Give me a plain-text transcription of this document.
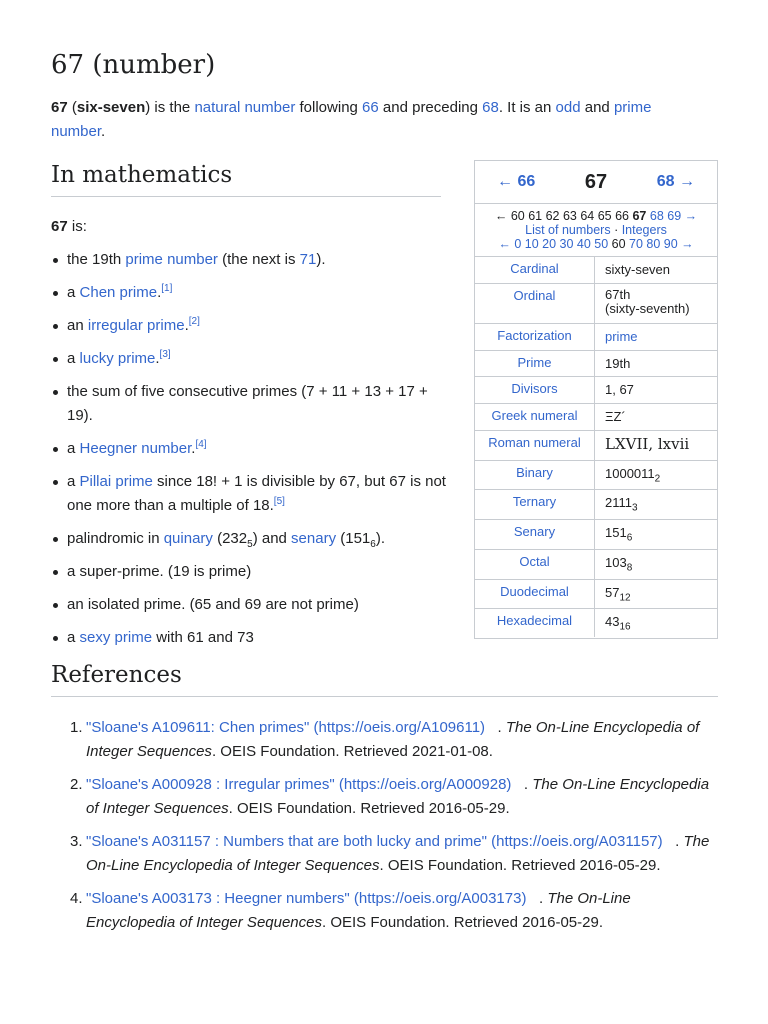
67 (number)

67 (six-seven) is the natural number following 66 and preceding 68. It is an odd and prime number.

In mathematics
67 is:
the 19th prime number (the next is 71).
a Chen prime.[1]
an irregular prime.[2]
a lucky prime.[3]
the sum of five consecutive primes (7 + 11 + 13 + 17 + 19).
a Heegner number.[4]
a Pillai prime since 18! + 1 is divisible by 67, but 67 is not one more than a multiple of 18.[5]
palindromic in quinary $(232_5)$ and senary $(151_6)$.
a super-prime. (19 is prime)
an isolated prime. (65 and 69 are not prime)
a sexy prime with 61 and 73
← 66 67	68 →
← 60 61 62 63 64 65 66 67 68 69 →
List of numbers · Integers
← 0 10 20 30 40 50 60 70 80 90 →
Cardinal	sixty-seven
Ordinal	67th
(sixty-seventh)
Factorization	prime
Prime	19th
Divisors	1, 67
Greek numeral	ΞΖ´
Roman numeral	LXVII, lxvii
Binary	$1000011_2$
Ternary	$2111_3$
Senary	$151_6$
Octal	$103_8$
Duodecimal	$57_{12}$
Hexadecimal	$43_{16}$
References
1. "Sloane's A109611: Chen primes" (https://oeis.org/A109611)   . The On-Line Encyclopedia of Integer Sequences. OEIS Foundation. Retrieved 2021-01-08.
2. "Sloane's A000928 : Irregular primes" (https://oeis.org/A000928)   . The On-Line Encyclopedia of Integer Sequences. OEIS Foundation. Retrieved 2016-05-29.
3. "Sloane's A031157 : Numbers that are both lucky and prime" (https://oeis.org/A031157)   . The On-Line Encyclopedia of Integer Sequences. OEIS Foundation. Retrieved 2016-05-29.
4. "Sloane's A003173 : Heegner numbers" (https://oeis.org/A003173)   . The On-Line Encyclopedia of Integer Sequences. OEIS Foundation. Retrieved 2016-05-29.
